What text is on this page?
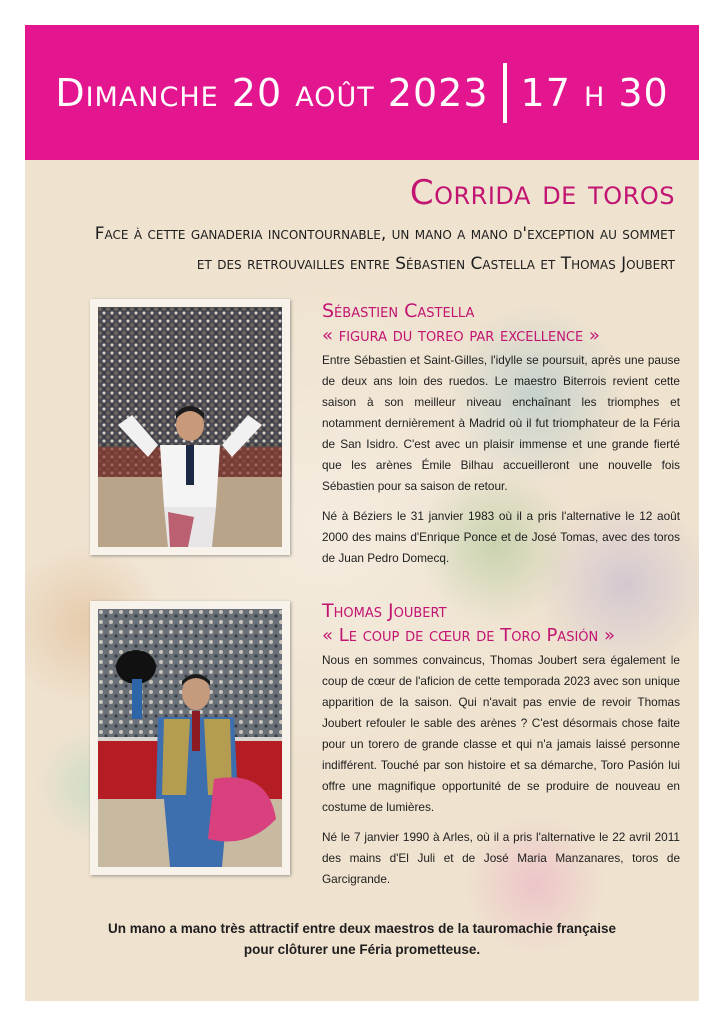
Dimanche 20 août 2023 17 h 30
Corrida de toros
Face à cette ganaderia incontournable, un mano a mano d'exception au sommet
et des retrouvailles entre Sébastien Castella et Thomas Joubert
Sébastien Castella
« figura du toreo par excellence »

Entre Sébastien et Saint-Gilles, l'idylle se poursuit, après une pause de deux ans loin des ruedos. Le maestro Biterrois revient cette saison à son meilleur niveau enchaînant les triomphes et notamment dernièrement à Madrid où il fut triomphateur de la Féria de San Isidro. C'est avec un plaisir immense et une grande fierté que les arènes Émile Bilhau accueilleront une nouvelle fois Sébastien pour sa saison de retour.

Né à Béziers le 31 janvier 1983 où il a pris l'alternative le 12 août 2000 des mains d'Enrique Ponce et de José Tomas, avec des toros de Juan Pedro Domecq.

Thomas Joubert
« Le coup de cœur de Toro Pasión »

Nous en sommes convaincus, Thomas Joubert sera également le coup de cœur de l'aficion de cette temporada 2023 avec son unique apparition de la saison. Qui n'avait pas envie de revoir Thomas Joubert refouler le sable des arènes ? C'est désormais chose faite pour un torero de grande classe et qui n'a jamais laissé personne indifférent. Touché par son histoire et sa démarche, Toro Pasión lui offre une magnifique opportunité de se produire de nouveau en costume de lumières.

Né le 7 janvier 1990 à Arles, où il a pris l'alternative le 22 avril 2011 des mains d'El Juli et de José Maria Manzanares, toros de Garcigrande.

Un mano a mano très attractif entre deux maestros de la tauromachie française
pour clôturer une Féria prometteuse.
